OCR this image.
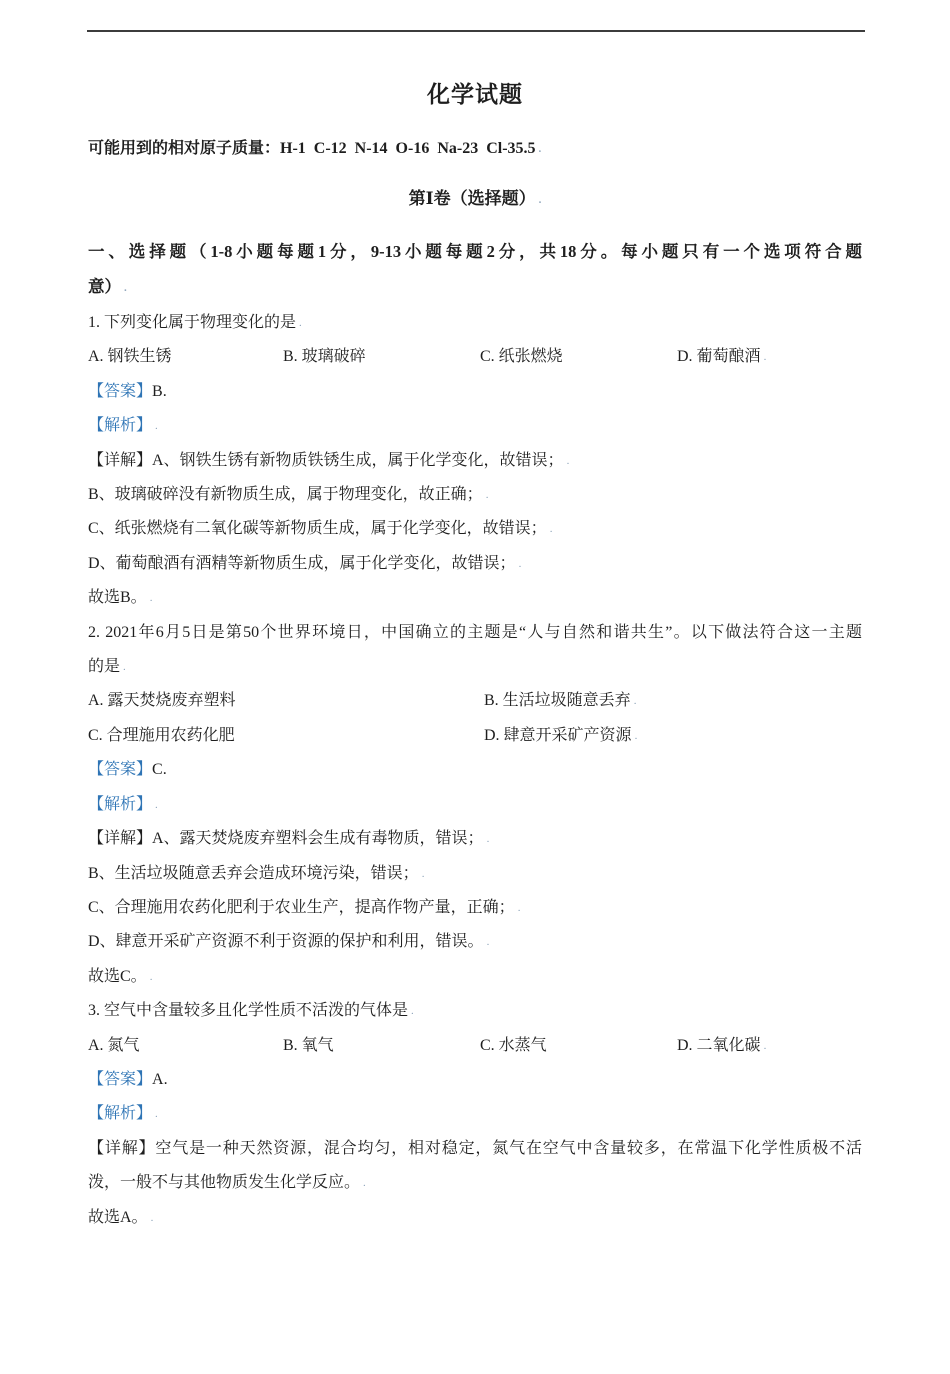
化学试题

可能用到的相对原子质量：H-1  C-12  N-14  O-16  Na-23  Cl-35.5 .

第Ⅰ卷（选择题） .

一、选择题（1-8小题每题1分，9-13小题每题2分，共18分。每小题只有一个选项符合题

意） .

1. 下列变化属于物理变化的是 .

A. 钢铁生锈	B. 玻璃破碎	C. 纸张燃烧	D. 葡萄酿酒 .

【答案】B.

【解析】 .

【详解】A、钢铁生锈有新物质铁锈生成，属于化学变化，故错误； .

B、玻璃破碎没有新物质生成，属于物理变化，故正确； .

C、纸张燃烧有二氧化碳等新物质生成，属于化学变化，故错误； .

D、葡萄酿酒有酒精等新物质生成，属于化学变化，故错误； .

故选B。 .

2. 2021年6月5日是第50个世界环境日，中国确立的主题是“人与自然和谐共生”。以下做法符合这一主题

的是 .

A. 露天焚烧废弃塑料	B. 生活垃圾随意丢弃 .
C. 合理施用农药化肥	D. 肆意开采矿产资源 .

【答案】C.

【解析】 .

【详解】A、露天焚烧废弃塑料会生成有毒物质，错误； .

B、生活垃圾随意丢弃会造成环境污染，错误； .

C、合理施用农药化肥利于农业生产，提高作物产量，正确； .

D、肆意开采矿产资源不利于资源的保护和利用，错误。 .

故选C。 .

3. 空气中含量较多且化学性质不活泼的气体是 .

A. 氮气	B. 氧气	C. 水蒸气	D. 二氧化碳 .

【答案】A.

【解析】 .

【详解】空气是一种天然资源，混合均匀，相对稳定，氮气在空气中含量较多，在常温下化学性质极不活

泼，一般不与其他物质发生化学反应。 .

故选A。 .
